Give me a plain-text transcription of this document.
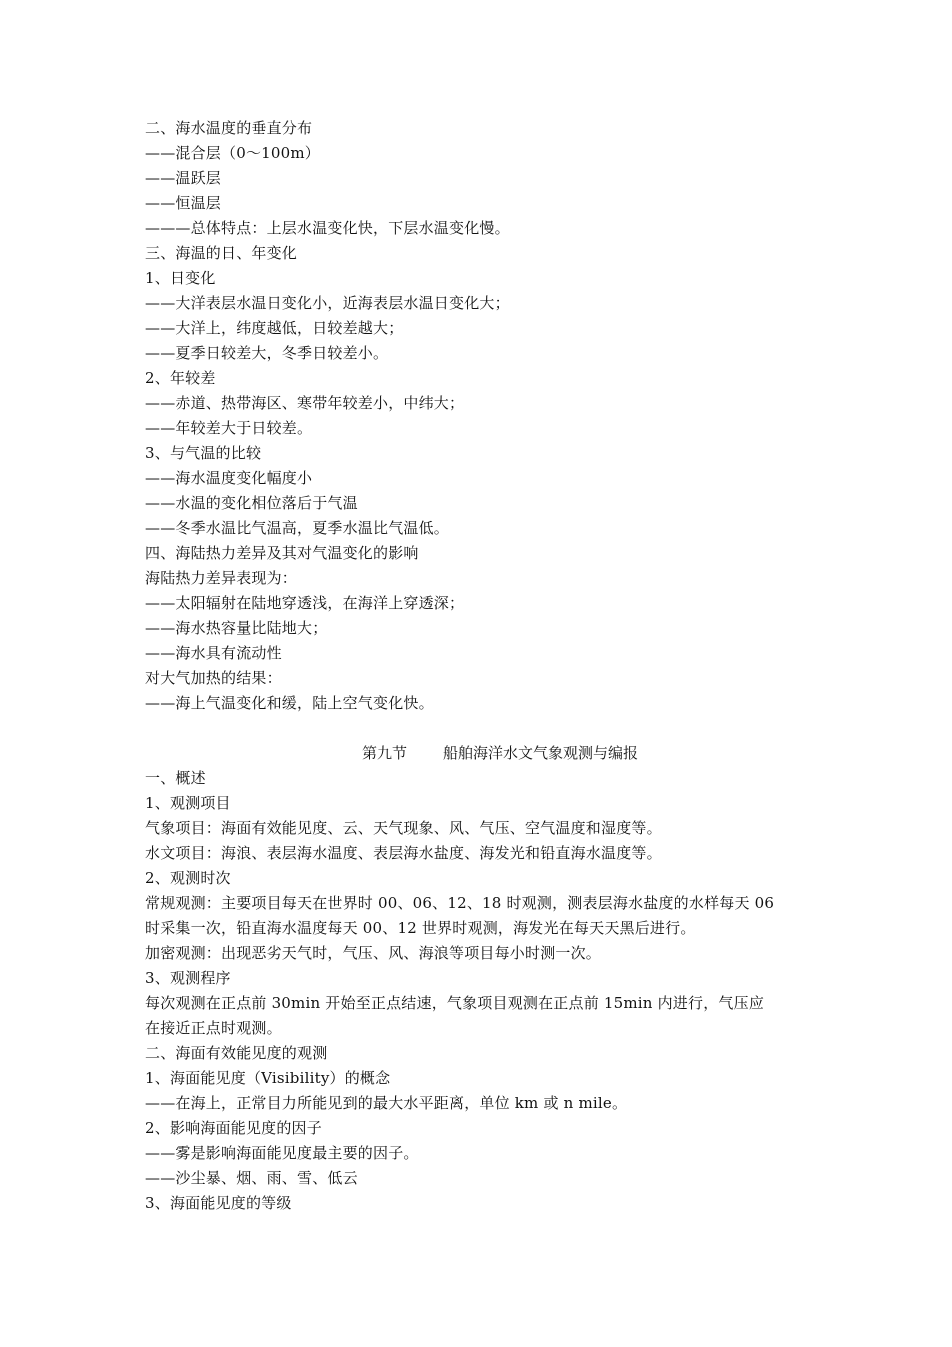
二、海水温度的垂直分布
——混合层（0～100m）
——温跃层
——恒温层
———总体特点：上层水温变化快，下层水温变化慢。
三、海温的日、年变化
1、日变化
——大洋表层水温日变化小，近海表层水温日变化大；
——大洋上，纬度越低，日较差越大；
——夏季日较差大，冬季日较差小。
2、年较差
——赤道、热带海区、寒带年较差小，中纬大；
——年较差大于日较差。
3、与气温的比较
——海水温度变化幅度小
——水温的变化相位落后于气温
——冬季水温比气温高，夏季水温比气温低。
四、海陆热力差异及其对气温变化的影响
海陆热力差异表现为：
——太阳辐射在陆地穿透浅，在海洋上穿透深；
——海水热容量比陆地大；
——海水具有流动性
对大气加热的结果：
——海上气温变化和缓，陆上空气变化快。
第九节 船舶海洋水文气象观测与编报
一、概述
1、观测项目
气象项目：海面有效能见度、云、天气现象、风、气压、空气温度和湿度等。
水文项目：海浪、表层海水温度、表层海水盐度、海发光和铅直海水温度等。
2、观测时次
常规观测：主要项目每天在世界时 00、06、12、18 时观测，测表层海水盐度的水样每天 06
时采集一次，铅直海水温度每天 00、12 世界时观测，海发光在每天天黑后进行。
加密观测：出现恶劣天气时，气压、风、海浪等项目每小时测一次。
3、观测程序
每次观测在正点前 30min 开始至正点结速，气象项目观测在正点前 15min 内进行，气压应
在接近正点时观测。
二、海面有效能见度的观测
1、海面能见度（Visibility）的概念
——在海上，正常目力所能见到的最大水平距离，单位 km 或 n mile。
2、影响海面能见度的因子
——雾是影响海面能见度最主要的因子。
——沙尘暴、烟、雨、雪、低云
3、海面能见度的等级
